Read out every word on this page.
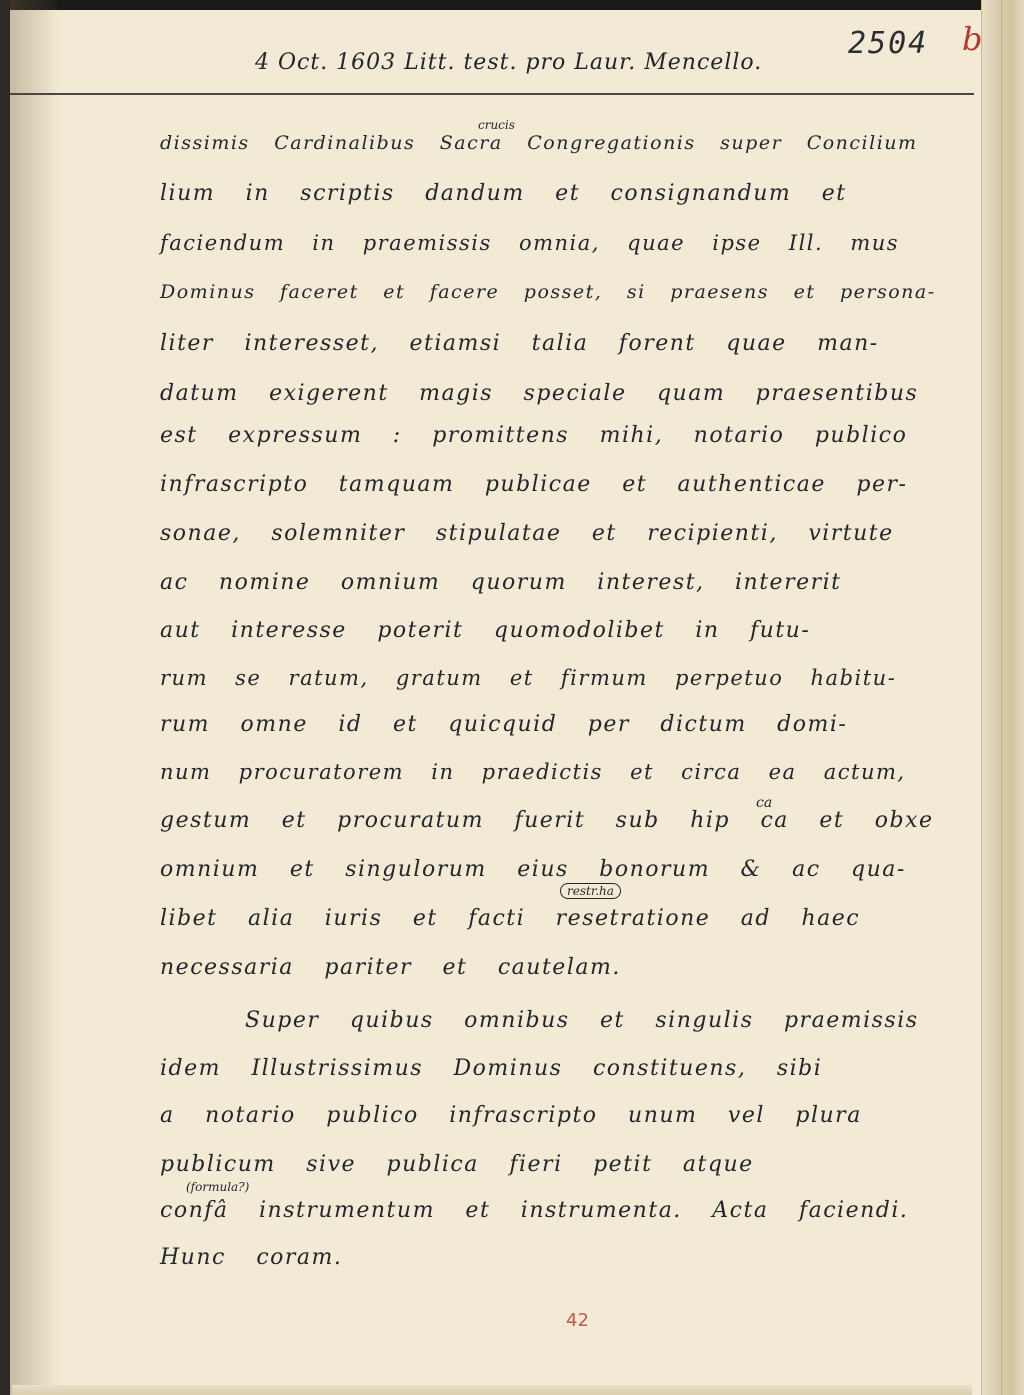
4 Oct. 1603 Litt. test. pro Laur. Mencello.
2504 b
crucis
dissimis Cardinalibus Sacra Congregationis super Concilium
lium in scriptis dandum et consignandum et
faciendum in praemissis omnia, quae ipse Ill. mus
Dominus faceret et facere posset, si praesens et persona-
liter interesset, etiamsi talia forent quae man-
datum exigerent magis speciale quam praesentibus
est expressum : promittens mihi, notario publico
infrascripto tamquam publicae et authenticae per-
sonae, solemniter stipulatae et recipienti, virtute
ac nomine omnium quorum interest, intererit
aut interesse poterit quomodolibet in futu-
rum se ratum, gratum et firmum perpetuo habitu-
rum omne id et quicquid per dictum domi-
num procuratorem in praedictis et circa ea actum,
ca
gestum et procuratum fuerit sub hip ca et obxe
omnium et singulorum eius bonorum & ac qua-
restr.ha
libet alia iuris et facti resetratione ad haec
necessaria pariter et cautelam.
Super quibus omnibus et singulis praemissis
idem Illustrissimus Dominus constituens, sibi
a notario publico infrascripto unum vel plura
publicum sive publica fieri petit atque
(formula?)
confâ instrumentum et instrumenta. Acta faciendi.
Hunc coram.
42
